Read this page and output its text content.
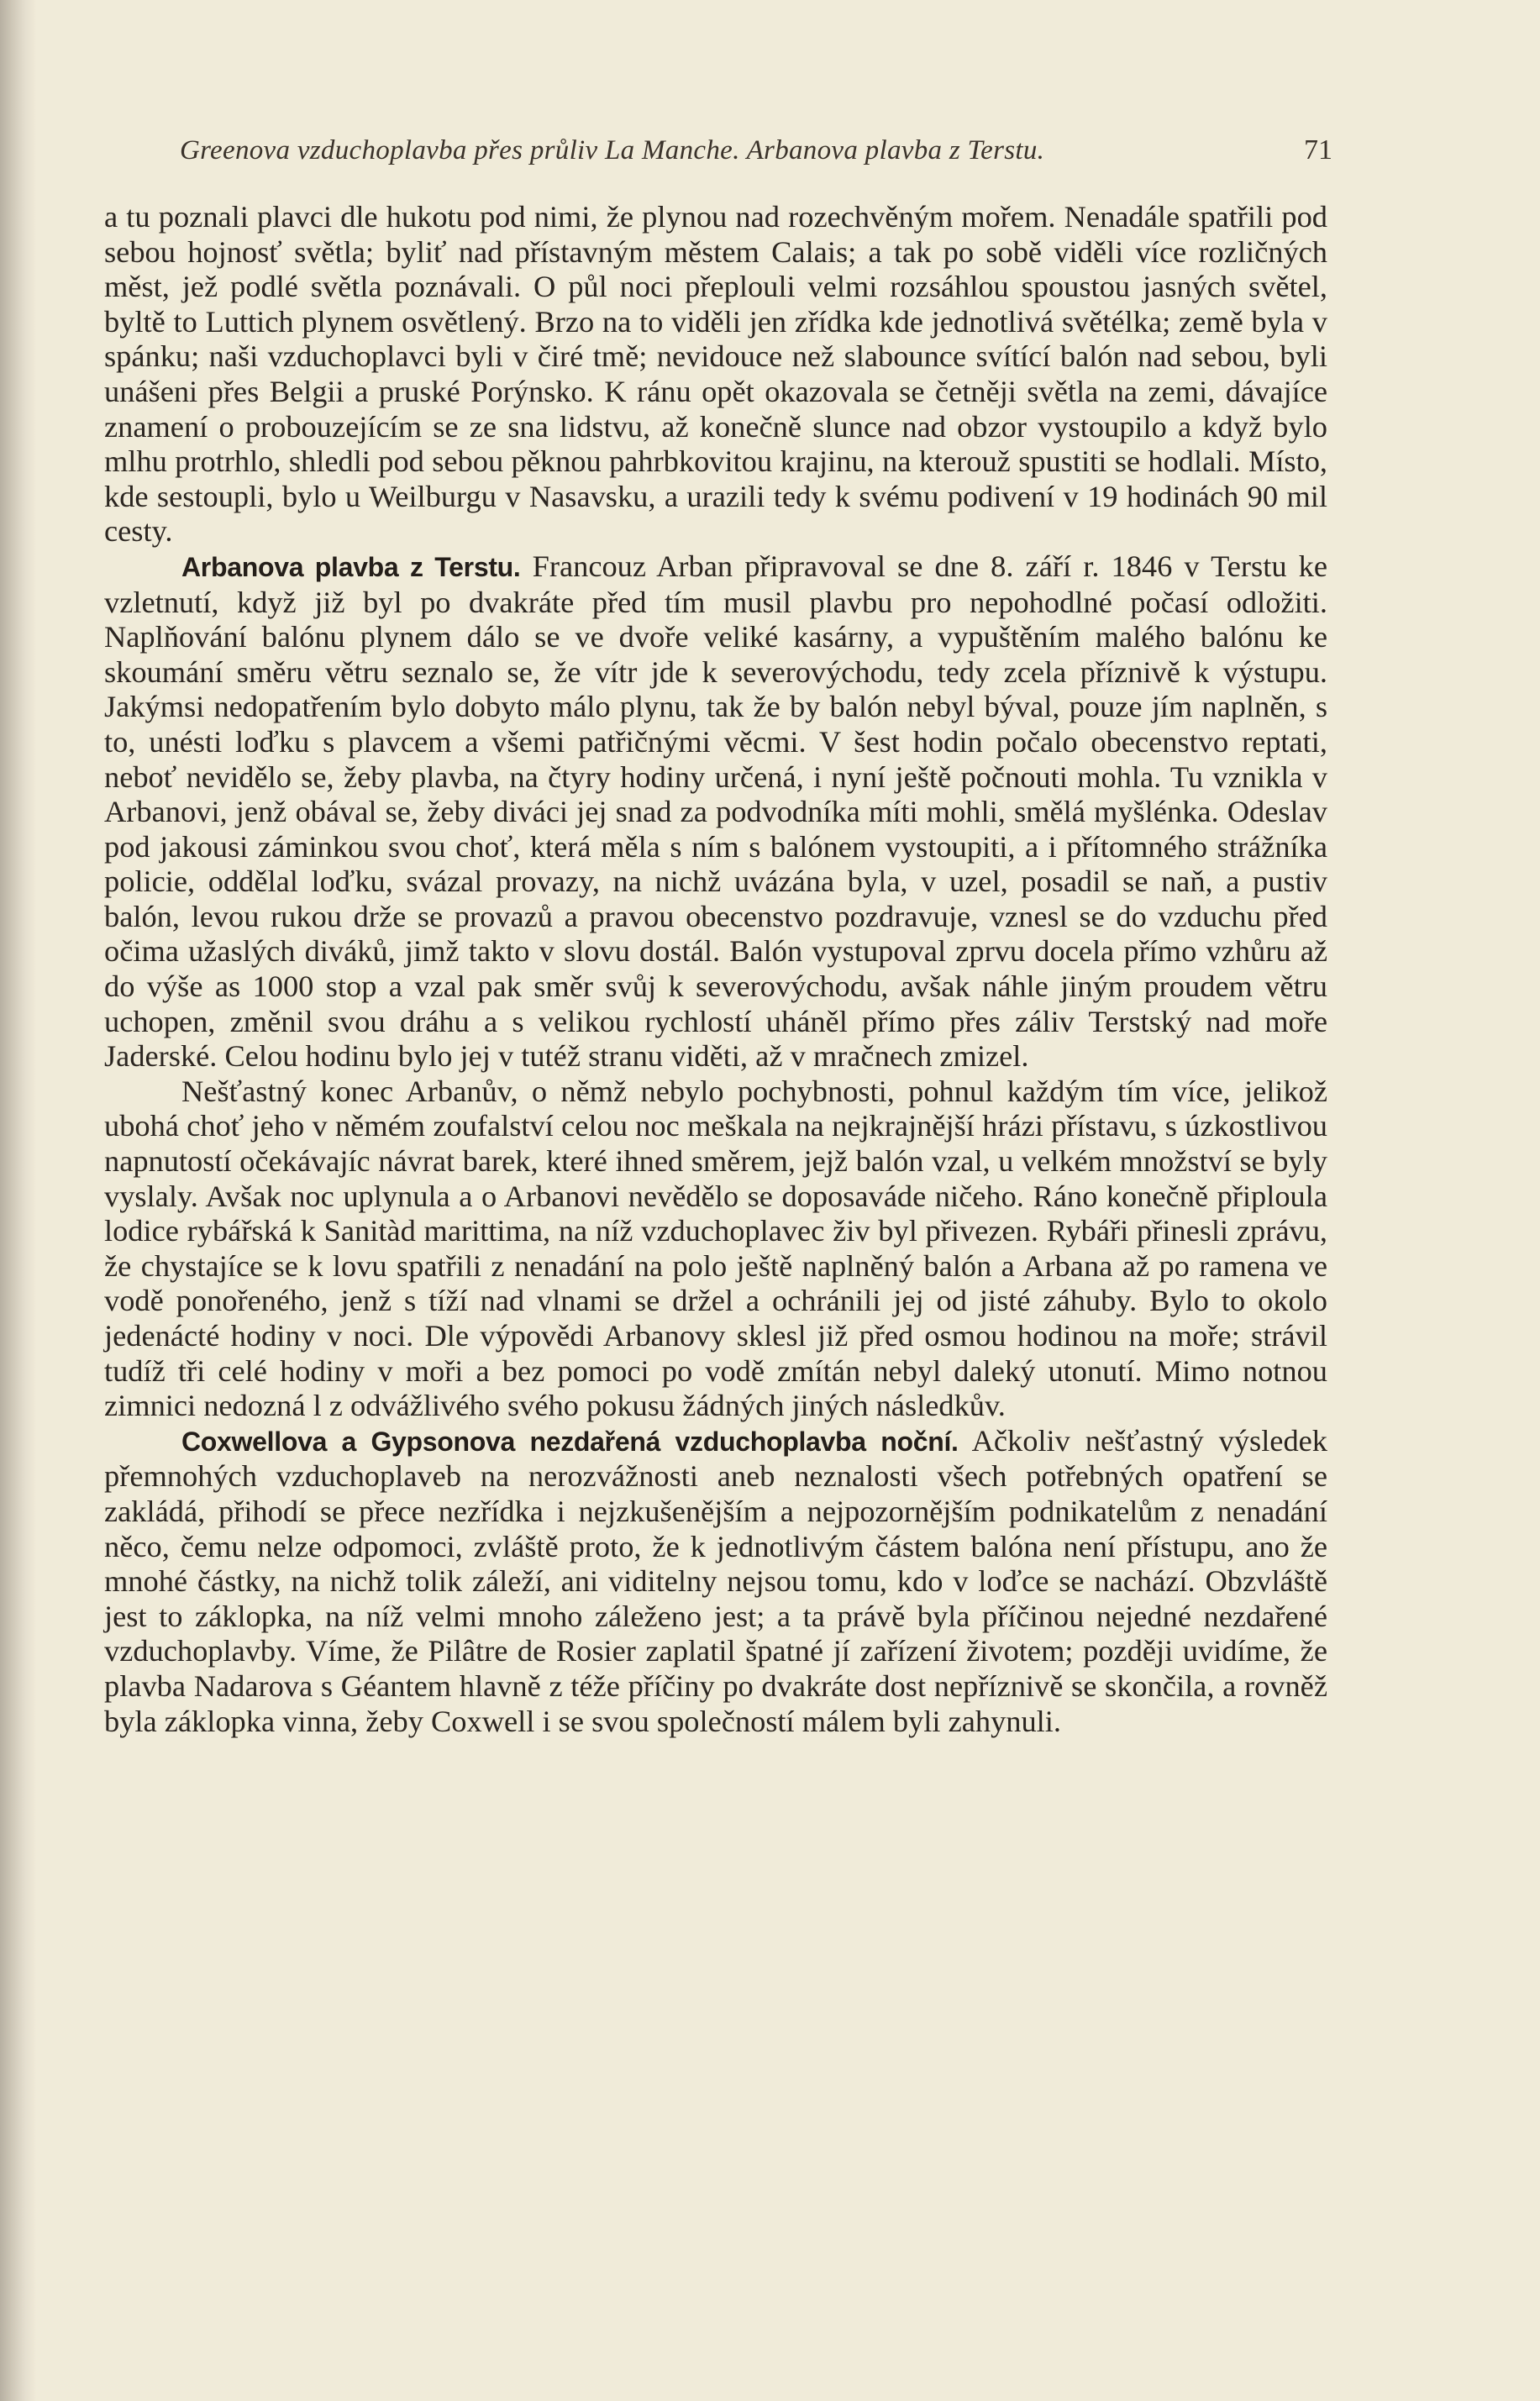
Greenova vzduchoplavba přes průliv La Manche. Arbanova plavba z Terstu.	71

a tu poznali plavci dle hukotu pod nimi, že plynou nad rozechvěným mořem. Nenadále spatřili pod sebou hojnosť světla; byliť nad přístavným městem Calais; a tak po sobě viděli více rozličných měst, jež podlé světla poznávali. O půl noci přeplouli velmi rozsáhlou spoustou jasných světel, byltě to Luttich plynem osvětlený. Brzo na to viděli jen zřídka kde jednotlivá světélka; země byla v spánku; naši vzduchoplavci byli v čiré tmě; nevidouce než slabounce svítící balón nad sebou, byli unášeni přes Belgii a pruské Porýnsko. K ránu opět okazovala se četněji světla na zemi, dávajíce znamení o probouzejícím se ze sna lidstvu, až konečně slunce nad obzor vystoupilo a když bylo mlhu protrhlo, shledli pod sebou pěknou pahrbkovitou krajinu, na kterouž spustiti se hodlali. Místo, kde sestoupli, bylo u Weilburgu v Nasavsku, a urazili tedy k svému podivení v 19 hodinách 90 mil cesty.

Arbanova plavba z Terstu. Francouz Arban připravoval se dne 8. září r. 1846 v Terstu ke vzletnutí, když již byl po dvakráte před tím musil plavbu pro nepohodlné počasí odložiti. Naplňování balónu plynem dálo se ve dvoře veliké kasárny, a vypuštěním malého balónu ke skoumání směru větru seznalo se, že vítr jde k severovýchodu, tedy zcela příznivě k výstupu. Jakýmsi nedopatřením bylo dobyto málo plynu, tak že by balón nebyl býval, pouze jím naplněn, s to, unésti loďku s plavcem a všemi patřičnými věcmi. V šest hodin počalo obecenstvo reptati, neboť nevidělo se, žeby plavba, na čtyry hodiny určená, i nyní ještě počnouti mohla. Tu vznikla v Arbanovi, jenž obával se, žeby diváci jej snad za podvodníka míti mohli, smělá myšlénka. Odeslav pod jakousi záminkou svou choť, která měla s ním s balónem vystoupiti, a i přítomného strážníka policie, oddělal loďku, svázal provazy, na nichž uvázána byla, v uzel, posadil se naň, a pustiv balón, levou rukou drže se provazů a pravou obecenstvo pozdravuje, vznesl se do vzduchu před očima užaslých diváků, jimž takto v slovu dostál. Balón vystupoval zprvu docela přímo vzhůru až do výše as 1000 stop a vzal pak směr svůj k severovýchodu, avšak náhle jiným proudem větru uchopen, změnil svou dráhu a s velikou rychlostí uháněl přímo přes záliv Terstský nad moře Jaderské. Celou hodinu bylo jej v tutéž stranu viděti, až v mračnech zmizel.

Nešťastný konec Arbanův, o němž nebylo pochybnosti, pohnul každým tím více, jelikož ubohá choť jeho v němém zoufalství celou noc meškala na nejkrajnější hrázi přístavu, s úzkostlivou napnutostí očekávajíc návrat barek, které ihned směrem, jejž balón vzal, u velkém množství se byly vyslaly. Avšak noc uplynula a o Arbanovi nevědělo se doposaváde ničeho. Ráno konečně připloula lodice rybářská k Sanitàd marittima, na níž vzduchoplavec živ byl přivezen. Rybáři přinesli zprávu, že chystajíce se k lovu spatřili z nenadání na polo ještě naplněný balón a Arbana až po ramena ve vodě ponořeného, jenž s tíží nad vlnami se držel a ochránili jej od jisté záhuby. Bylo to okolo jedenácté hodiny v noci. Dle výpovědi Arbanovy sklesl již před osmou hodinou na moře; strávil tudíž tři celé hodiny v moři a bez pomoci po vodě zmítán nebyl daleký utonutí. Mimo notnou zimnici nedozná l z odvážlivého svého pokusu žádných jiných následkův.

Coxwellova a Gypsonova nezdařená vzduchoplavba noční. Ačkoliv nešťastný výsledek přemnohých vzduchoplaveb na nerozvážnosti aneb neznalosti všech potřebných opatření se zakládá, přihodí se přece nezřídka i nejzkušenějším a nejpozornějším podnikatelům z nenadání něco, čemu nelze odpomoci, zvláště proto, že k jednotlivým částem balóna není přístupu, ano že mnohé částky, na nichž tolik záleží, ani viditelny nejsou tomu, kdo v loďce se nachází. Obzvláště jest to záklopka, na níž velmi mnoho záleženo jest; a ta právě byla příčinou nejedné nezdařené vzduchoplavby. Víme, že Pilâtre de Rosier zaplatil špatné jí zařízení životem; později uvidíme, že plavba Nadarova s Géantem hlavně z téže příčiny po dvakráte dost nepříznivě se skončila, a rovněž byla záklopka vinna, žeby Coxwell i se svou společností málem byli zahynuli.
